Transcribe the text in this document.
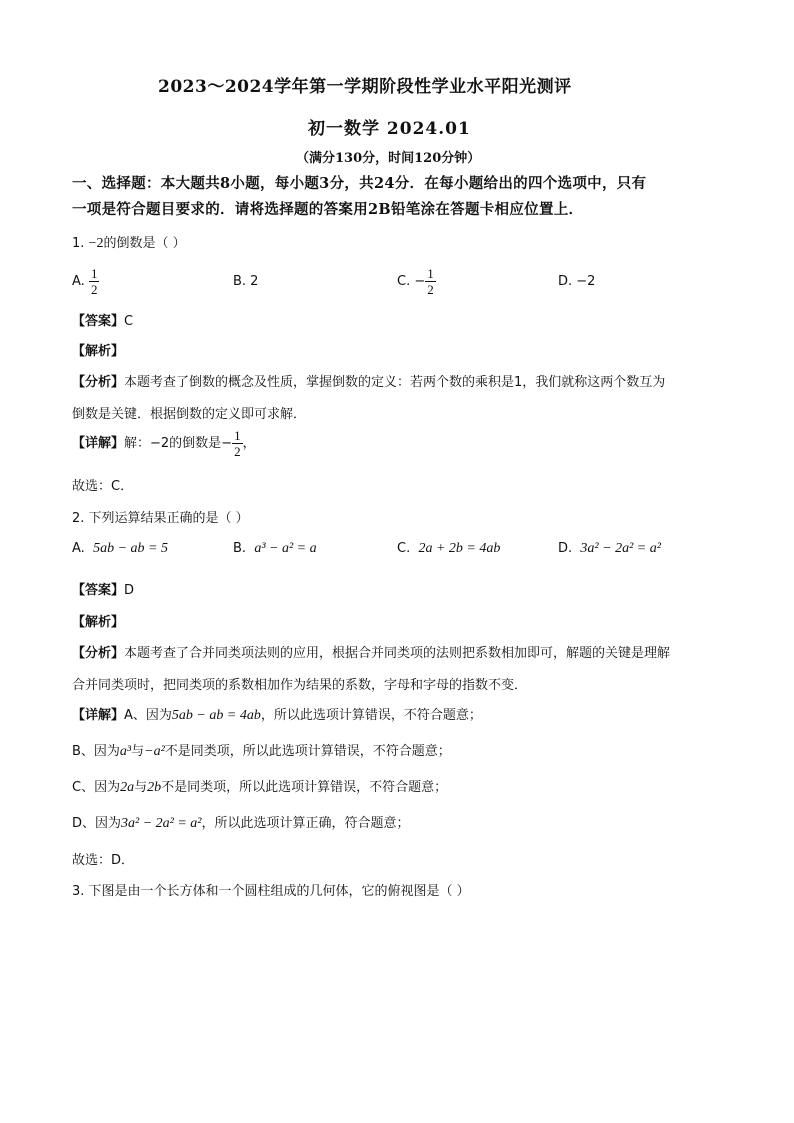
2023～2024学年第一学期阶段性学业水平阳光测评
初一数学 2024.01
（满分130分，时间120分钟）
一、选择题：本大题共8小题，每小题3分，共24分．在每小题给出的四个选项中，只有
一项是符合题目要求的．请将选择题的答案用2B铅笔涂在答题卡相应位置上．
1. −2的倒数是（ ）
A. $\frac{1}{2}$	B. 2	C. − $\frac{1}{2}$	D. −2
【答案】C
【解析】
【分析】本题考查了倒数的概念及性质，掌握倒数的定义：若两个数的乘积是1，我们就称这两个数互为
倒数是关键．根据倒数的定义即可求解．
【详解】解：−2的倒数是− $\frac{1}{2}$ ，
故选：C．
2. 下列运算结果正确的是（ ）
A. 5ab − ab = 5	B. a³ − a² = a	C. 2a + 2b = 4ab	D. 3a² − 2a² = a²
【答案】D
【解析】
【分析】本题考查了合并同类项法则的应用，根据合并同类项的法则把系数相加即可，解题的关键是理解
合并同类项时，把同类项的系数相加作为结果的系数，字母和字母的指数不变．
【详解】A、因为5ab − ab = 4ab，所以此选项计算错误，不符合题意；
B、因为a³与−a²不是同类项，所以此选项计算错误，不符合题意；
C、因为2a与2b不是同类项，所以此选项计算错误，不符合题意；
D、因为3a² − 2a² = a²，所以此选项计算正确，符合题意；
故选：D．
3. 下图是由一个长方体和一个圆柱组成的几何体，它的俯视图是（ ）
